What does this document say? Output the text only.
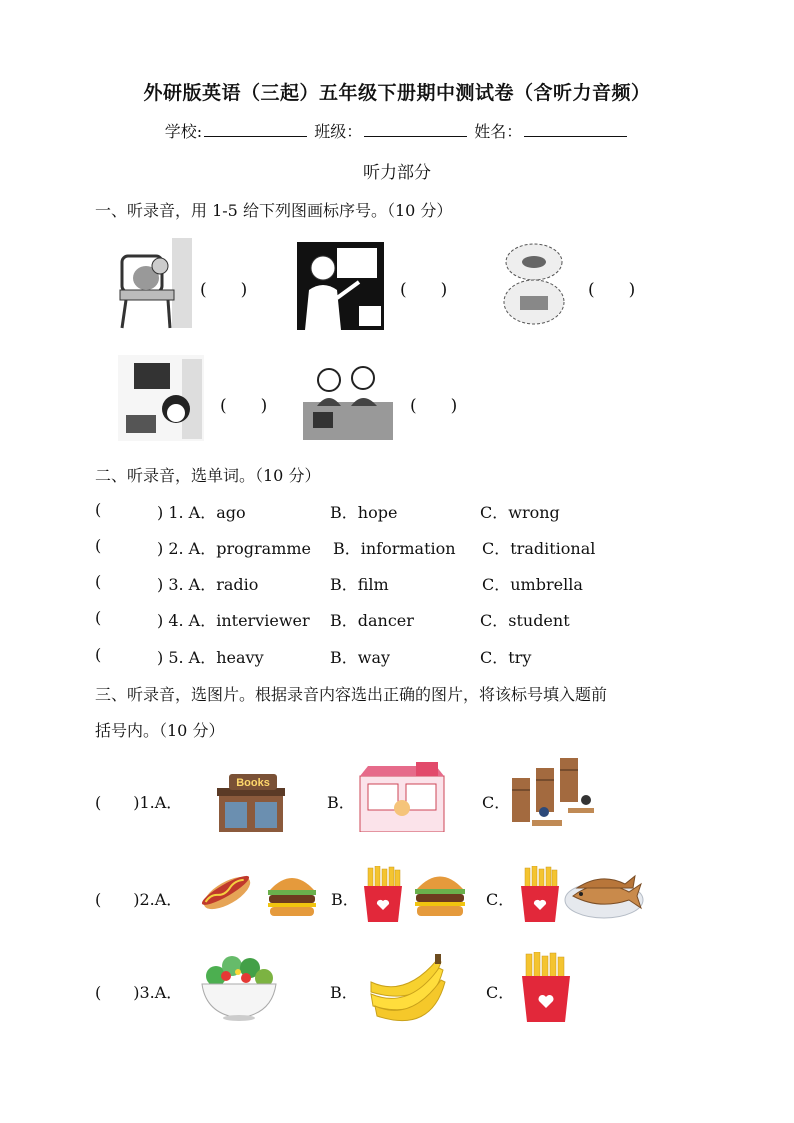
外研版英语（三起）五年级下册期中测试卷（含听力音频）
学校:	班级：	姓名：
听力部分
一、听录音，用 1-5 给下列图画标序号。（10 分）
(　　)	(　　)	(　　)
(　　)	(　　)
二、听录音，选单词。（10 分）
(	) 1. A．ago	B．hope	C．wrong
(	) 2. A．programme B．information C．traditional
(	) 3. A．radio	B．film	C．umbrella
(	) 4. A．interviewer B．dancer	C．student
(	) 5. A．heavy	B．way	C．try
三、听录音，选图片。根据录音内容选出正确的图片，将该标号填入题前
括号内。（10 分）
(　　)1.A．
Books
B．	C．
(　　)2.A．	B．	C．
(　　)3.A．	B．	C．
